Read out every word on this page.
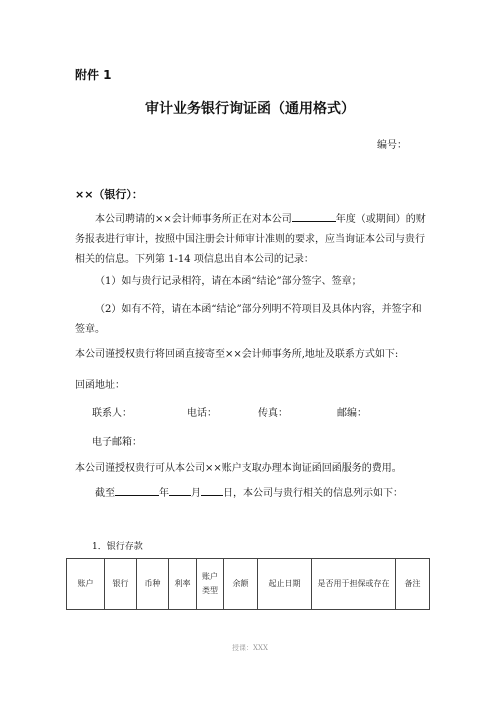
附件 1
审计业务银行询证函（通用格式）
编号：
××（银行）：
本公司聘请的××会计师事务所正在对本公司	年度（或期间）的财务报表进行审计，按照中国注册会计师审计准则的要求，应当询证本公司与贵行相关的信息。下列第 1-14 项信息出自本公司的记录：
（1）如与贵行记录相符，请在本函“结论”部分签字、签章；
（2）如有不符，请在本函“结论”部分列明不符项目及具体内容，并签字和签章。
本公司谨授权贵行将回函直接寄至××会计师事务所,地址及联系方式如下:
回函地址：
联系人：	电话：	传真：	邮编：
电子邮箱：
本公司谨授权贵行可从本公司××账户支取办理本询证函回函服务的费用。
截至	年 月 日，本公司与贵行相关的信息列示如下：
1．银行存款
账户	银行	币种	利率	账户类型	余额	起止日期	是否用于担保或存在	备注
授课：XXX
